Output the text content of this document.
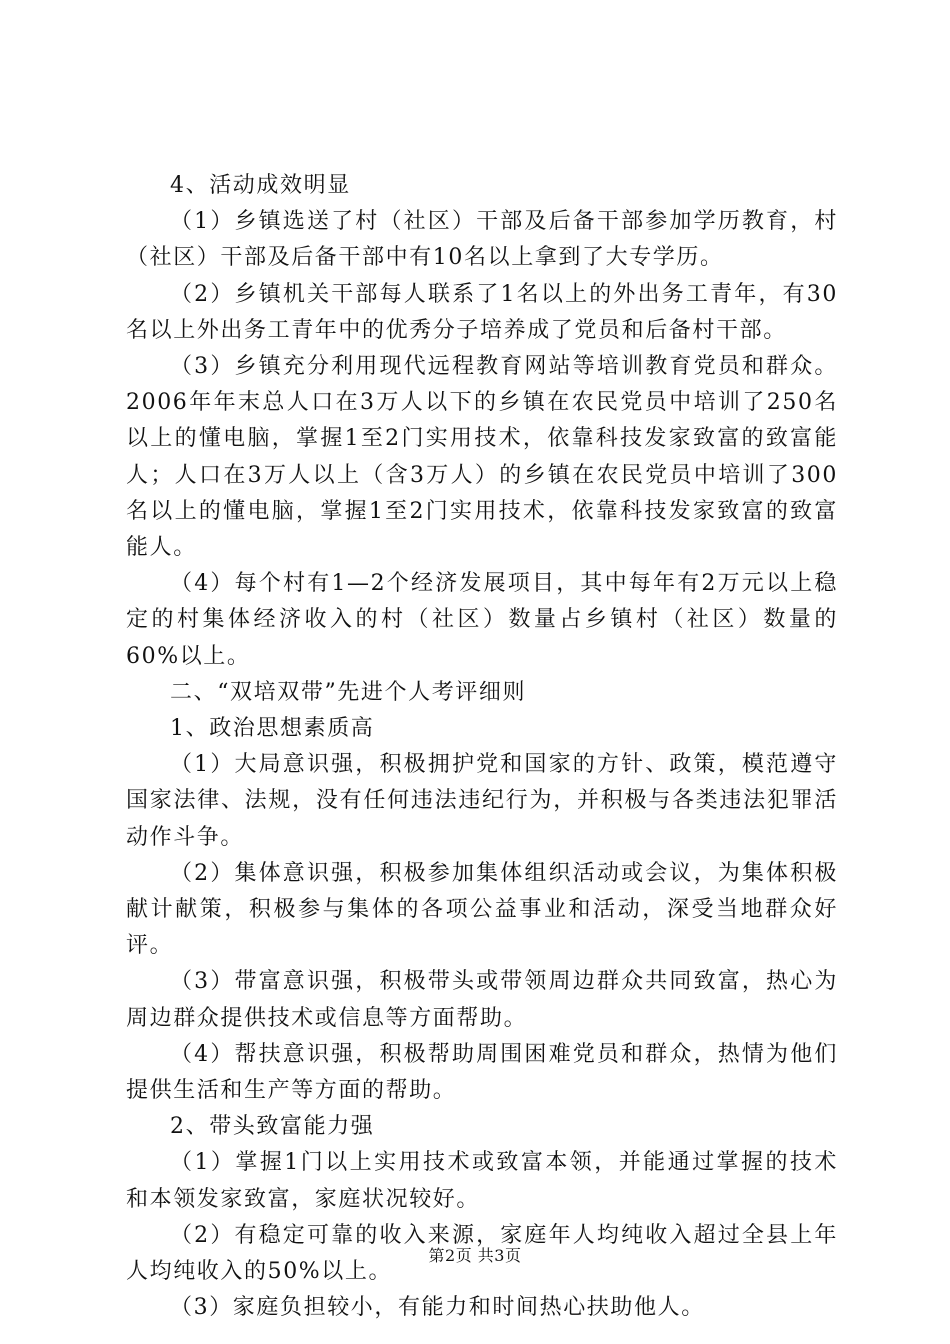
4、活动成效明显

（1）乡镇选送了村（社区）干部及后备干部参加学历教育，村（社区）干部及后备干部中有10名以上拿到了大专学历。

（2）乡镇机关干部每人联系了1名以上的外出务工青年，有30名以上外出务工青年中的优秀分子培养成了党员和后备村干部。

（3）乡镇充分利用现代远程教育网站等培训教育党员和群众。2006年年末总人口在3万人以下的乡镇在农民党员中培训了250名以上的懂电脑，掌握1至2门实用技术，依靠科技发家致富的致富能人；人口在3万人以上（含3万人）的乡镇在农民党员中培训了300名以上的懂电脑，掌握1至2门实用技术，依靠科技发家致富的致富能人。

（4）每个村有1—2个经济发展项目，其中每年有2万元以上稳定的村集体经济收入的村（社区）数量占乡镇村（社区）数量的60%以上。

二、“双培双带”先进个人考评细则

1、政治思想素质高

（1）大局意识强，积极拥护党和国家的方针、政策，模范遵守国家法律、法规，没有任何违法违纪行为，并积极与各类违法犯罪活动作斗争。

（2）集体意识强，积极参加集体组织活动或会议，为集体积极献计献策，积极参与集体的各项公益事业和活动，深受当地群众好评。

（3）带富意识强，积极带头或带领周边群众共同致富，热心为周边群众提供技术或信息等方面帮助。

（4）帮扶意识强，积极帮助周围困难党员和群众，热情为他们提供生活和生产等方面的帮助。

2、带头致富能力强

（1）掌握1门以上实用技术或致富本领，并能通过掌握的技术和本领发家致富，家庭状况较好。

（2）有稳定可靠的收入来源，家庭年人均纯收入超过全县上年人均纯收入的50%以上。

（3）家庭负担较小，有能力和时间热心扶助他人。

第2页 共3页
